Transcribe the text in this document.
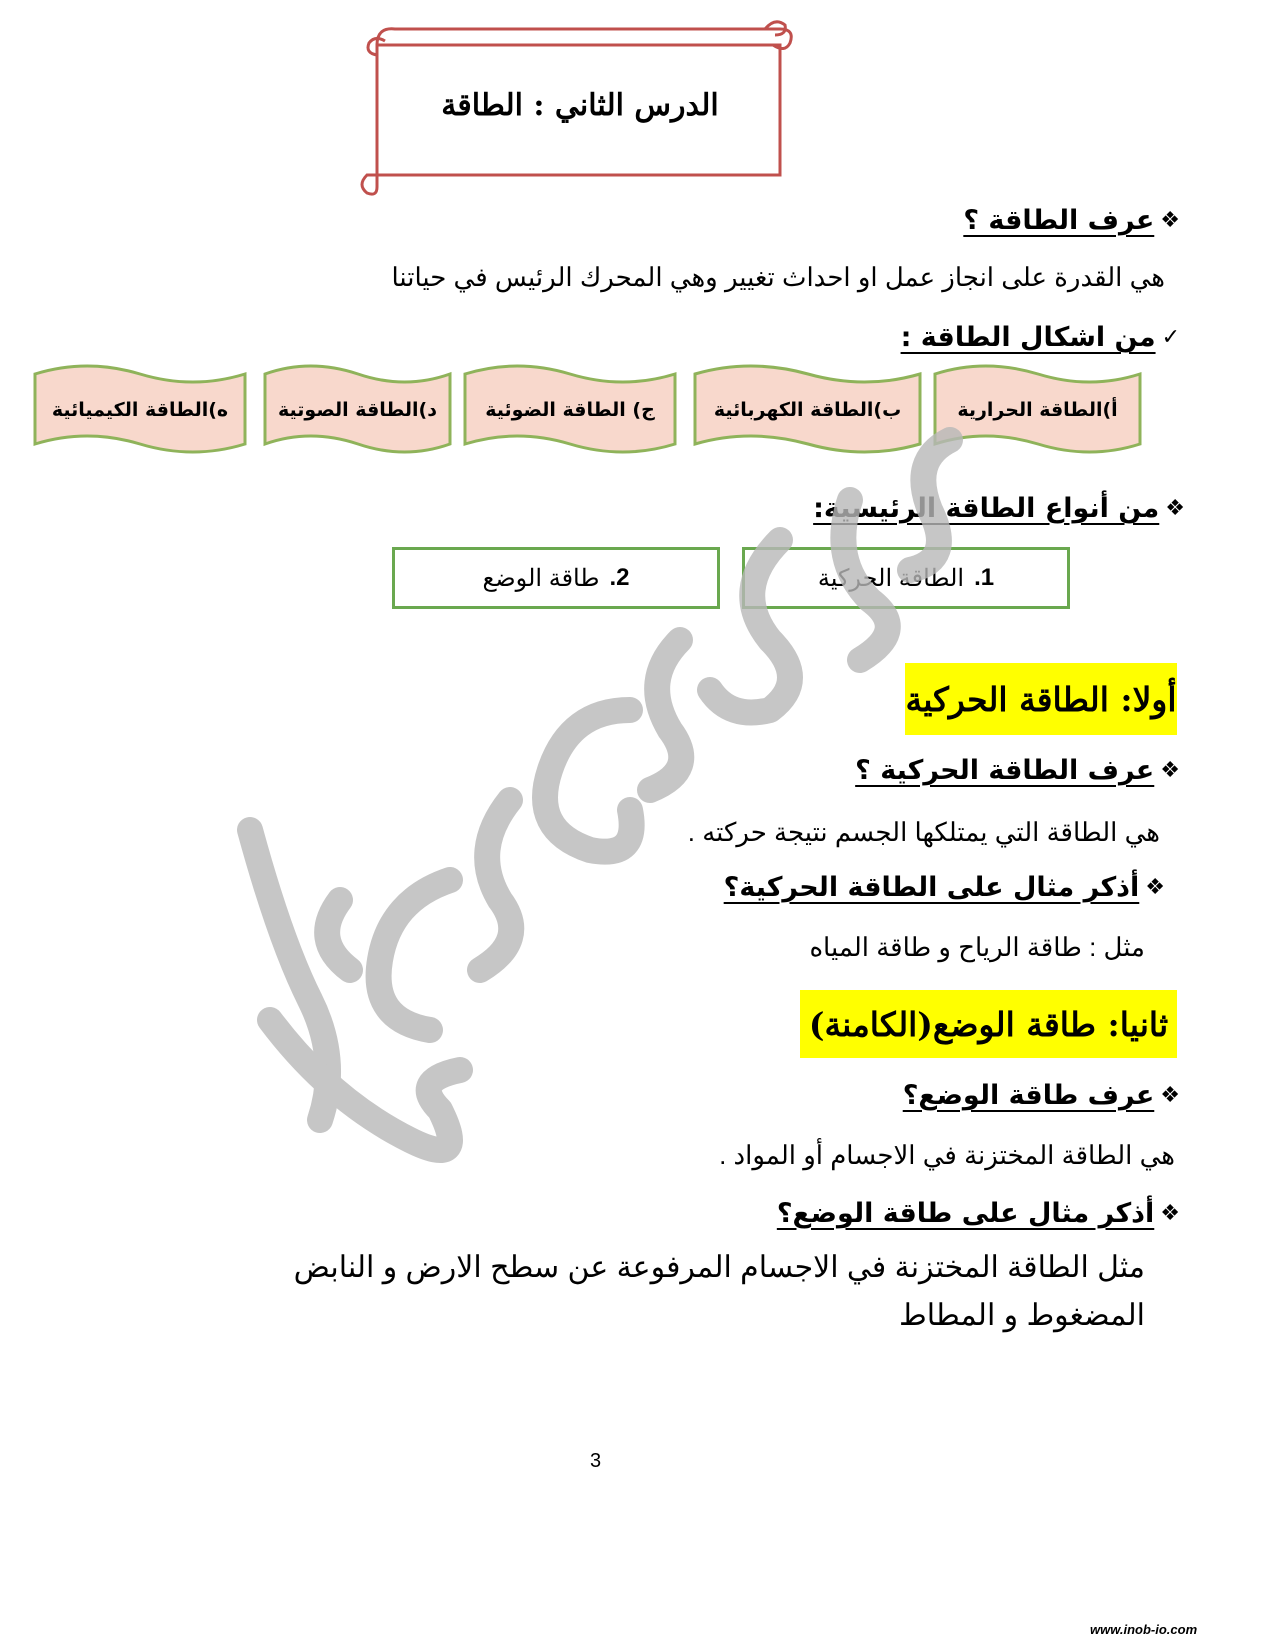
الدرس الثاني : الطاقة
❖
عرف الطاقة ؟
هي القدرة على انجاز عمل او احداث تغيير وهي المحرك الرئيس في حياتنا
✓
من اشكال الطاقة :
أ)الطاقة الحرارية
ب)الطاقة الكهربائية
ج) الطاقة الضوئية
د)الطاقة الصوتية
ه)الطاقة الكيميائية
❖
من أنواع الطاقة الرئيسية:
1.
الطاقة الحركية
2.
طاقة الوضع
أولا: الطاقة الحركية
❖
عرف الطاقة الحركية ؟
هي الطاقة التي يمتلكها الجسم نتيجة حركته .
❖
أذكر مثال على الطاقة الحركية؟
مثل : طاقة الرياح و طاقة المياه
ثانيا: طاقة الوضع(الكامنة)
❖
عرف طاقة الوضع؟
هي الطاقة المختزنة في الاجسام أو المواد .
❖
أذكر مثال على طاقة الوضع؟
مثل الطاقة المختزنة في الاجسام المرفوعة عن سطح الارض و النابض
المضغوط و المطاط
3
www.inob-io.com
